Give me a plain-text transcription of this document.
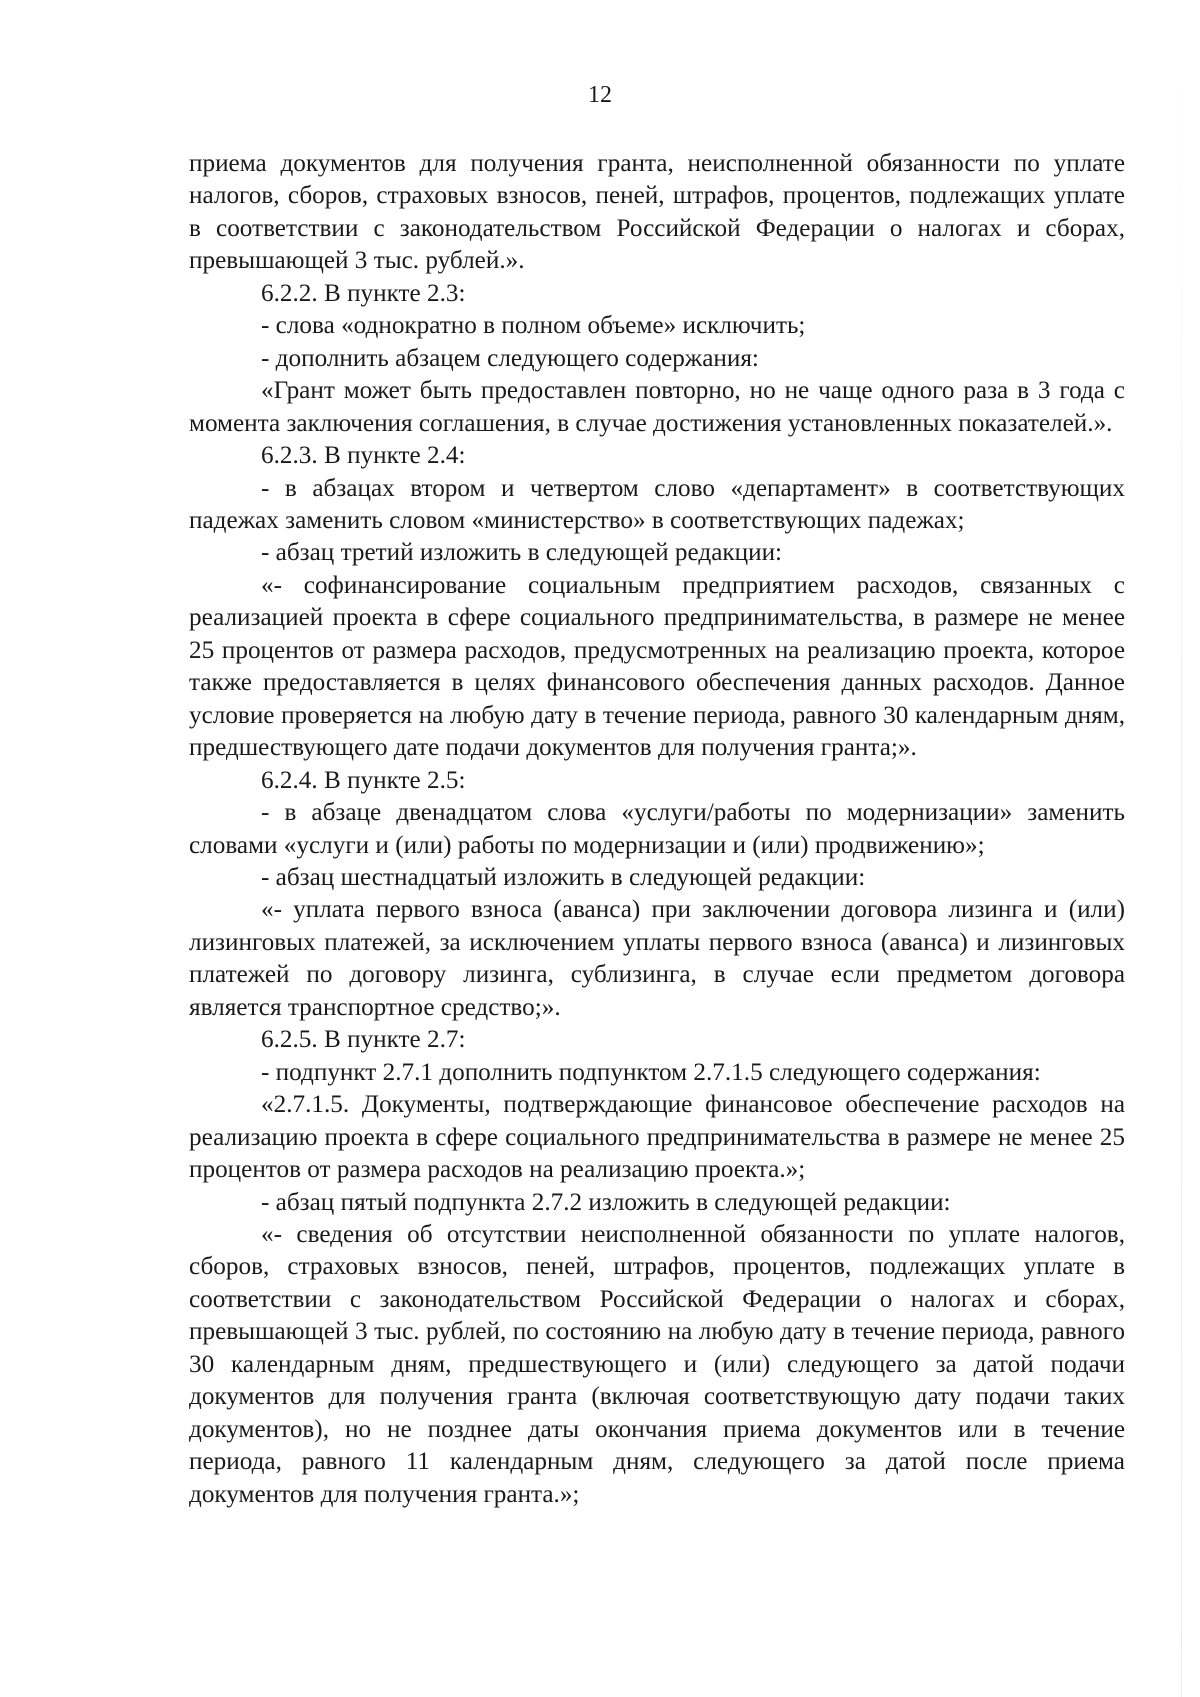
12

приема документов для получения гранта, неисполненной обязанности по уплате налогов, сборов, страховых взносов, пеней, штрафов, процентов, подлежащих уплате в соответствии с законодательством Российской Федерации о налогах и сборах, превышающей 3 тыс. рублей.».

6.2.2. В пункте 2.3:

- слова «однократно в полном объеме» исключить;

- дополнить абзацем следующего содержания:

«Грант может быть предоставлен повторно, но не чаще одного раза в 3 года с момента заключения соглашения, в случае достижения установленных показателей.».

6.2.3. В пункте 2.4:

- в абзацах втором и четвертом слово «департамент» в соответствующих падежах заменить словом «министерство» в соответствующих падежах;

- абзац третий изложить в следующей редакции:

«- софинансирование социальным предприятием расходов, связанных с реализацией проекта в сфере социального предпринимательства, в размере не менее 25 процентов от размера расходов, предусмотренных на реализацию проекта, которое также предоставляется в целях финансового обеспечения данных расходов. Данное условие проверяется на любую дату в течение периода, равного 30 календарным дням, предшествующего дате подачи документов для получения гранта;».

6.2.4. В пункте 2.5:

- в абзаце двенадцатом слова «услуги/работы по модернизации» заменить словами «услуги и (или) работы по модернизации и (или) продвижению»;

- абзац шестнадцатый изложить в следующей редакции:

«- уплата первого взноса (аванса) при заключении договора лизинга и (или) лизинговых платежей, за исключением уплаты первого взноса (аванса) и лизинговых платежей по договору лизинга, сублизинга, в случае если предметом договора является транспортное средство;».

6.2.5. В пункте 2.7:

- подпункт 2.7.1 дополнить подпунктом 2.7.1.5 следующего содержания:

«2.7.1.5. Документы, подтверждающие финансовое обеспечение расходов на реализацию проекта в сфере социального предпринимательства в размере не менее 25 процентов от размера расходов на реализацию проекта.»;

- абзац пятый подпункта 2.7.2 изложить в следующей редакции:

«- сведения об отсутствии неисполненной обязанности по уплате налогов, сборов, страховых взносов, пеней, штрафов, процентов, подлежащих уплате в соответствии с законодательством Российской Федерации о налогах и сборах, превышающей 3 тыс. рублей, по состоянию на любую дату в течение периода, равного 30 календарным дням, предшествующего и (или) следующего за датой подачи документов для получения гранта (включая соответствующую дату подачи таких документов), но не позднее даты окончания приема документов или в течение периода, равного 11 календарным дням, следующего за датой после приема документов для получения гранта.»;
